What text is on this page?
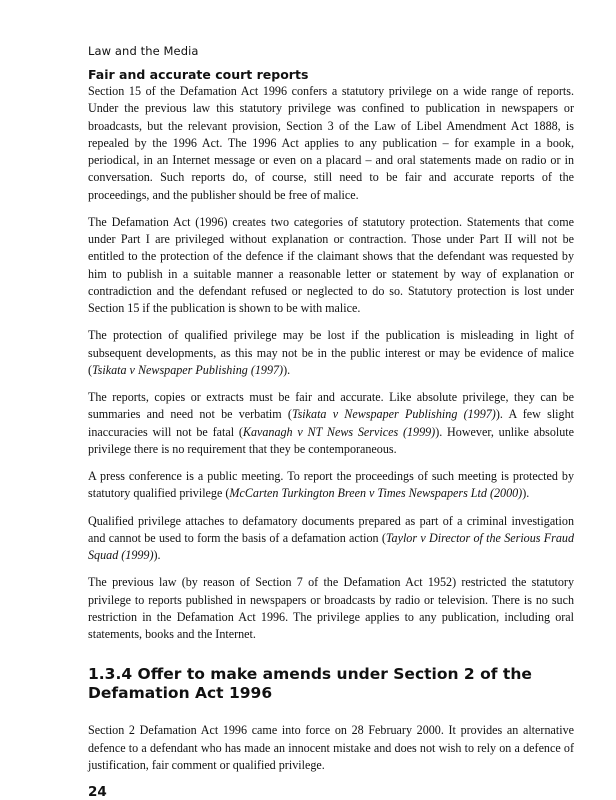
Law and the Media
Fair and accurate court reports

Section 15 of the Defamation Act 1996 confers a statutory privilege on a wide range of reports. Under the previous law this statutory privilege was confined to publication in newspapers or broadcasts, but the relevant provision, Section 3 of the Law of Libel Amendment Act 1888, is repealed by the 1996 Act. The 1996 Act applies to any publication – for example in a book, periodical, in an Internet message or even on a placard – and oral statements made on radio or in conversation. Such reports do, of course, still need to be fair and accurate reports of the proceedings, and the publisher should be free of malice.

The Defamation Act (1996) creates two categories of statutory protection. Statements that come under Part I are privileged without explanation or contraction. Those under Part II will not be entitled to the protection of the defence if the claimant shows that the defendant was requested by him to publish in a suitable manner a reasonable letter or statement by way of explanation or contradiction and the defendant refused or neglected to do so. Statutory protection is lost under Section 15 if the publication is shown to be with malice.

The protection of qualified privilege may be lost if the publication is misleading in light of subsequent developments, as this may not be in the public interest or may be evidence of malice (Tsikata v Newspaper Publishing (1997)).

The reports, copies or extracts must be fair and accurate. Like absolute privilege, they can be summaries and need not be verbatim (Tsikata v Newspaper Publishing (1997)). A few slight inaccuracies will not be fatal (Kavanagh v NT News Services (1999)). However, unlike absolute privilege there is no requirement that they be contemporaneous.

A press conference is a public meeting. To report the proceedings of such meeting is protected by statutory qualified privilege (McCarten Turkington Breen v Times Newspapers Ltd (2000)).

Qualified privilege attaches to defamatory documents prepared as part of a criminal investigation and cannot be used to form the basis of a defamation action (Taylor v Director of the Serious Fraud Squad (1999)).

The previous law (by reason of Section 7 of the Defamation Act 1952) restricted the statutory privilege to reports published in newspapers or broadcasts by radio or television. There is no such restriction in the Defamation Act 1996. The privilege applies to any publication, including oral statements, books and the Internet.

1.3.4 Offer to make amends under Section 2 of the Defamation Act 1996

Section 2 Defamation Act 1996 came into force on 28 February 2000. It provides an alternative defence to a defendant who has made an innocent mistake and does not wish to rely on a defence of justification, fair comment or qualified privilege.

24
